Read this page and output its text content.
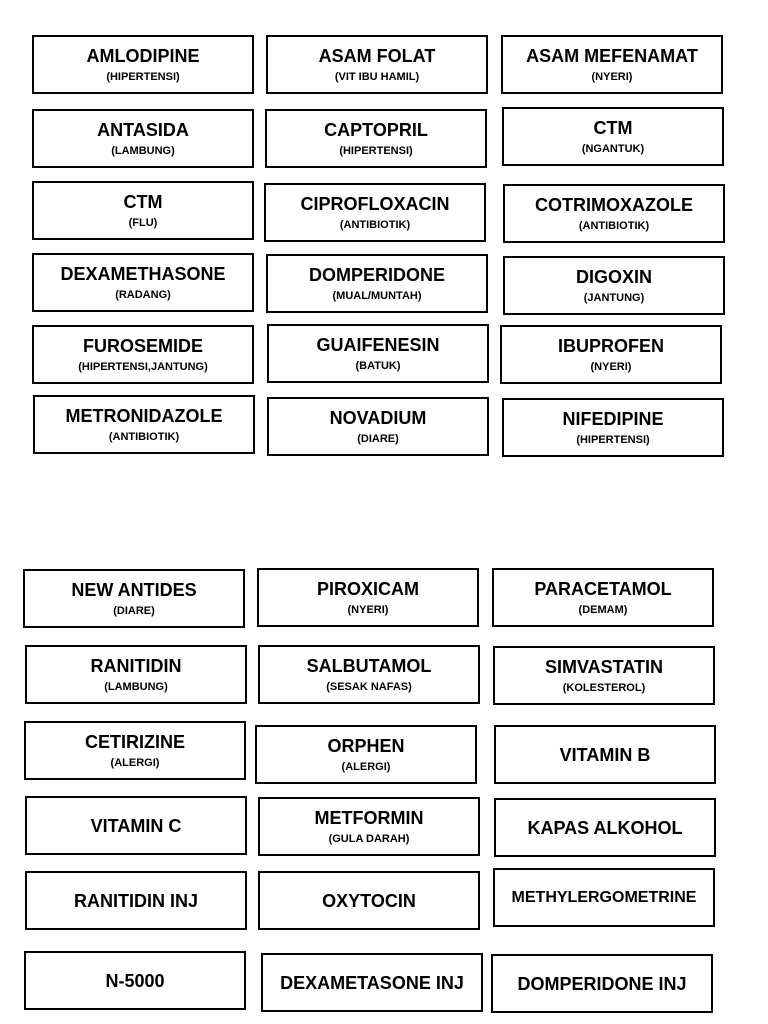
AMLODIPINE
(HIPERTENSI)
ASAM FOLAT
(VIT IBU HAMIL)
ASAM MEFENAMAT
(NYERI)
ANTASIDA
(LAMBUNG)
CAPTOPRIL
(HIPERTENSI)
CTM
(NGANTUK)
CTM
(FLU)
CIPROFLOXACIN
(ANTIBIOTIK)
COTRIMOXAZOLE
(ANTIBIOTIK)
DEXAMETHASONE
(RADANG)
DOMPERIDONE
(MUAL/MUNTAH)
DIGOXIN
(JANTUNG)
FUROSEMIDE
(HIPERTENSI,JANTUNG)
GUAIFENESIN
(BATUK)
IBUPROFEN
(NYERI)
METRONIDAZOLE
(ANTIBIOTIK)
NOVADIUM
(DIARE)
NIFEDIPINE
(HIPERTENSI)
NEW ANTIDES
(DIARE)
PIROXICAM
(NYERI)
PARACETAMOL
(DEMAM)
RANITIDIN
(LAMBUNG)
SALBUTAMOL
(SESAK NAFAS)
SIMVASTATIN
(KOLESTEROL)
CETIRIZINE
(ALERGI)
ORPHEN
(ALERGI)
VITAMIN B
VITAMIN C	METFORMIN
(GULA DARAH)
KAPAS ALKOHOL
RANITIDIN INJ	OXYTOCIN	METHYLERGOMETRINE
N-5000	DEXAMETASONE INJ	DOMPERIDONE INJ
